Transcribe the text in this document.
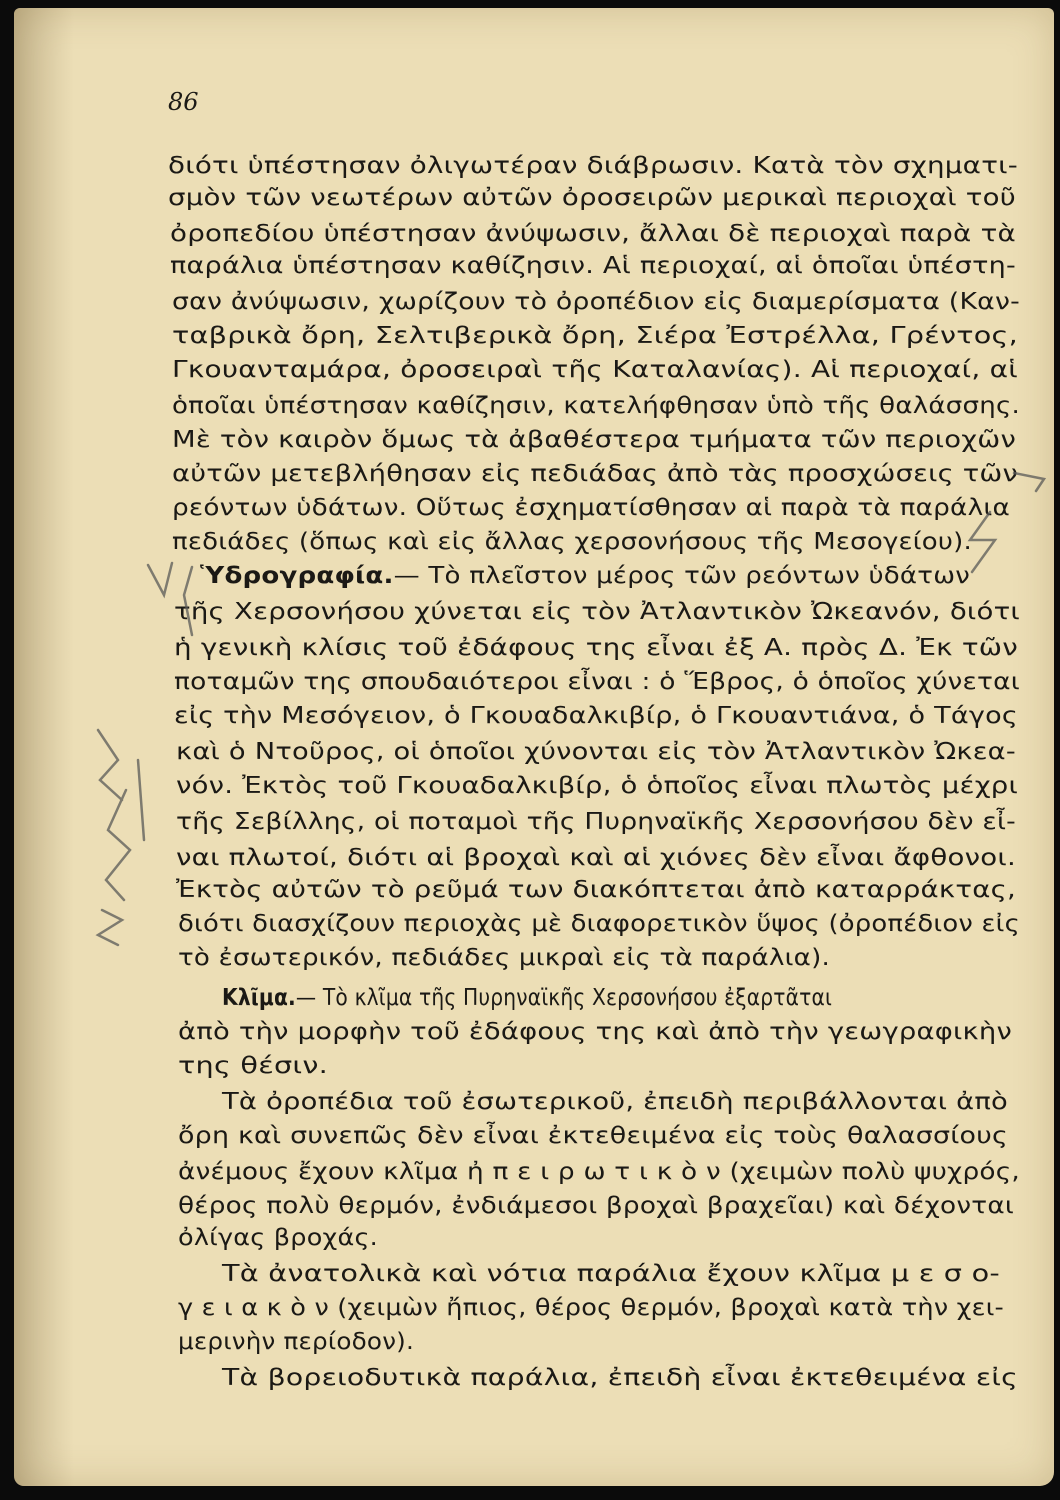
86
διότι ὑπέστησαν ὀλιγωτέραν διάβρωσιν. Κατὰ τὸν σχηματι-
σμὸν τῶν νεωτέρων αὐτῶν ὀροσειρῶν μερικαὶ περιοχαὶ τοῦ
ὀροπεδίου ὑπέστησαν ἀνύψωσιν, ἄλλαι δὲ περιοχαὶ παρὰ τὰ
παράλια ὑπέστησαν καθίζησιν. Αἱ περιοχαί, αἱ ὁποῖαι ὑπέστη-
σαν ἀνύψωσιν, χωρίζουν τὸ ὀροπέδιον εἰς διαμερίσματα (Καν-
ταβρικὰ ὄρη, Σελτιβερικὰ ὄρη, Σιέρα Ἐστρέλλα, Γρέντος,
Γκουανταμάρα, ὀροσειραὶ τῆς Καταλανίας). Αἱ περιοχαί, αἱ
ὁποῖαι ὑπέστησαν καθίζησιν, κατελήφθησαν ὑπὸ τῆς θαλάσσης.
Μὲ τὸν καιρὸν ὅμως τὰ ἀβαθέστερα τμήματα τῶν περιοχῶν
αὐτῶν μετεβλήθησαν εἰς πεδιάδας ἀπὸ τὰς προσχώσεις τῶν
ρεόντων ὑδάτων. Οὕτως ἐσχηματίσθησαν αἱ παρὰ τὰ παράλια
πεδιάδες (ὅπως καὶ εἰς ἄλλας χερσονήσους τῆς Μεσογείου).
Ὑδρογραφία.— Τὸ πλεῖστον μέρος τῶν ρεόντων ὑδάτων
τῆς Χερσονήσου χύνεται εἰς τὸν Ἀτλαντικὸν Ὠκεανόν, διότι
ἡ γενικὴ κλίσις τοῦ ἐδάφους της εἶναι ἐξ Α. πρὸς Δ. Ἐκ τῶν
ποταμῶν της σπουδαιότεροι εἶναι : ὁ Ἕβρος, ὁ ὁποῖος χύνεται
εἰς τὴν Μεσόγειον, ὁ Γκουαδαλκιβίρ, ὁ Γκουαντιάνα, ὁ Τάγος
καὶ ὁ Ντοῦρος, οἱ ὁποῖοι χύνονται εἰς τὸν Ἀτλαντικὸν Ὠκεα-
νόν. Ἐκτὸς τοῦ Γκουαδαλκιβίρ, ὁ ὁποῖος εἶναι πλωτὸς μέχρι
τῆς Σεβίλλης, οἱ ποταμοὶ τῆς Πυρηναϊκῆς Χερσονήσου δὲν εἶ-
ναι πλωτοί, διότι αἱ βροχαὶ καὶ αἱ χιόνες δὲν εἶναι ἄφθονοι.
Ἐκτὸς αὐτῶν τὸ ρεῦμά των διακόπτεται ἀπὸ καταρράκτας,
διότι διασχίζουν περιοχὰς μὲ διαφορετικὸν ὕψος (ὀροπέδιον εἰς
τὸ ἐσωτερικόν, πεδιάδες μικραὶ εἰς τὰ παράλια).
Κλῖμα.— Τὸ κλῖμα τῆς Πυρηναϊκῆς Χερσονήσου ἐξαρτᾶται
ἀπὸ τὴν μορφὴν τοῦ ἐδάφους της καὶ ἀπὸ τὴν γεωγραφικὴν
της θέσιν.
Τὰ ὀροπέδια τοῦ ἐσωτερικοῦ, ἐπειδὴ περιβάλλονται ἀπὸ
ὄρη καὶ συνεπῶς δὲν εἶναι ἐκτεθειμένα εἰς τοὺς θαλασσίους
ἀνέμους ἔχουν κλῖμα ἠ π ε ι ρ ω τ ι κ ὸ ν (χειμὼν πολὺ ψυχρός,
θέρος πολὺ θερμόν, ἐνδιάμεσοι βροχαὶ βραχεῖαι) καὶ δέχονται
ὀλίγας βροχάς.
Τὰ ἀνατολικὰ καὶ νότια παράλια ἔχουν κλῖμα μ ε σ ο-
γ ε ι α κ ὸ ν (χειμὼν ἤπιος, θέρος θερμόν, βροχαὶ κατὰ τὴν χει-
μερινὴν περίοδον).
Τὰ βορειοδυτικὰ παράλια, ἐπειδὴ εἶναι ἐκτεθειμένα εἰς
